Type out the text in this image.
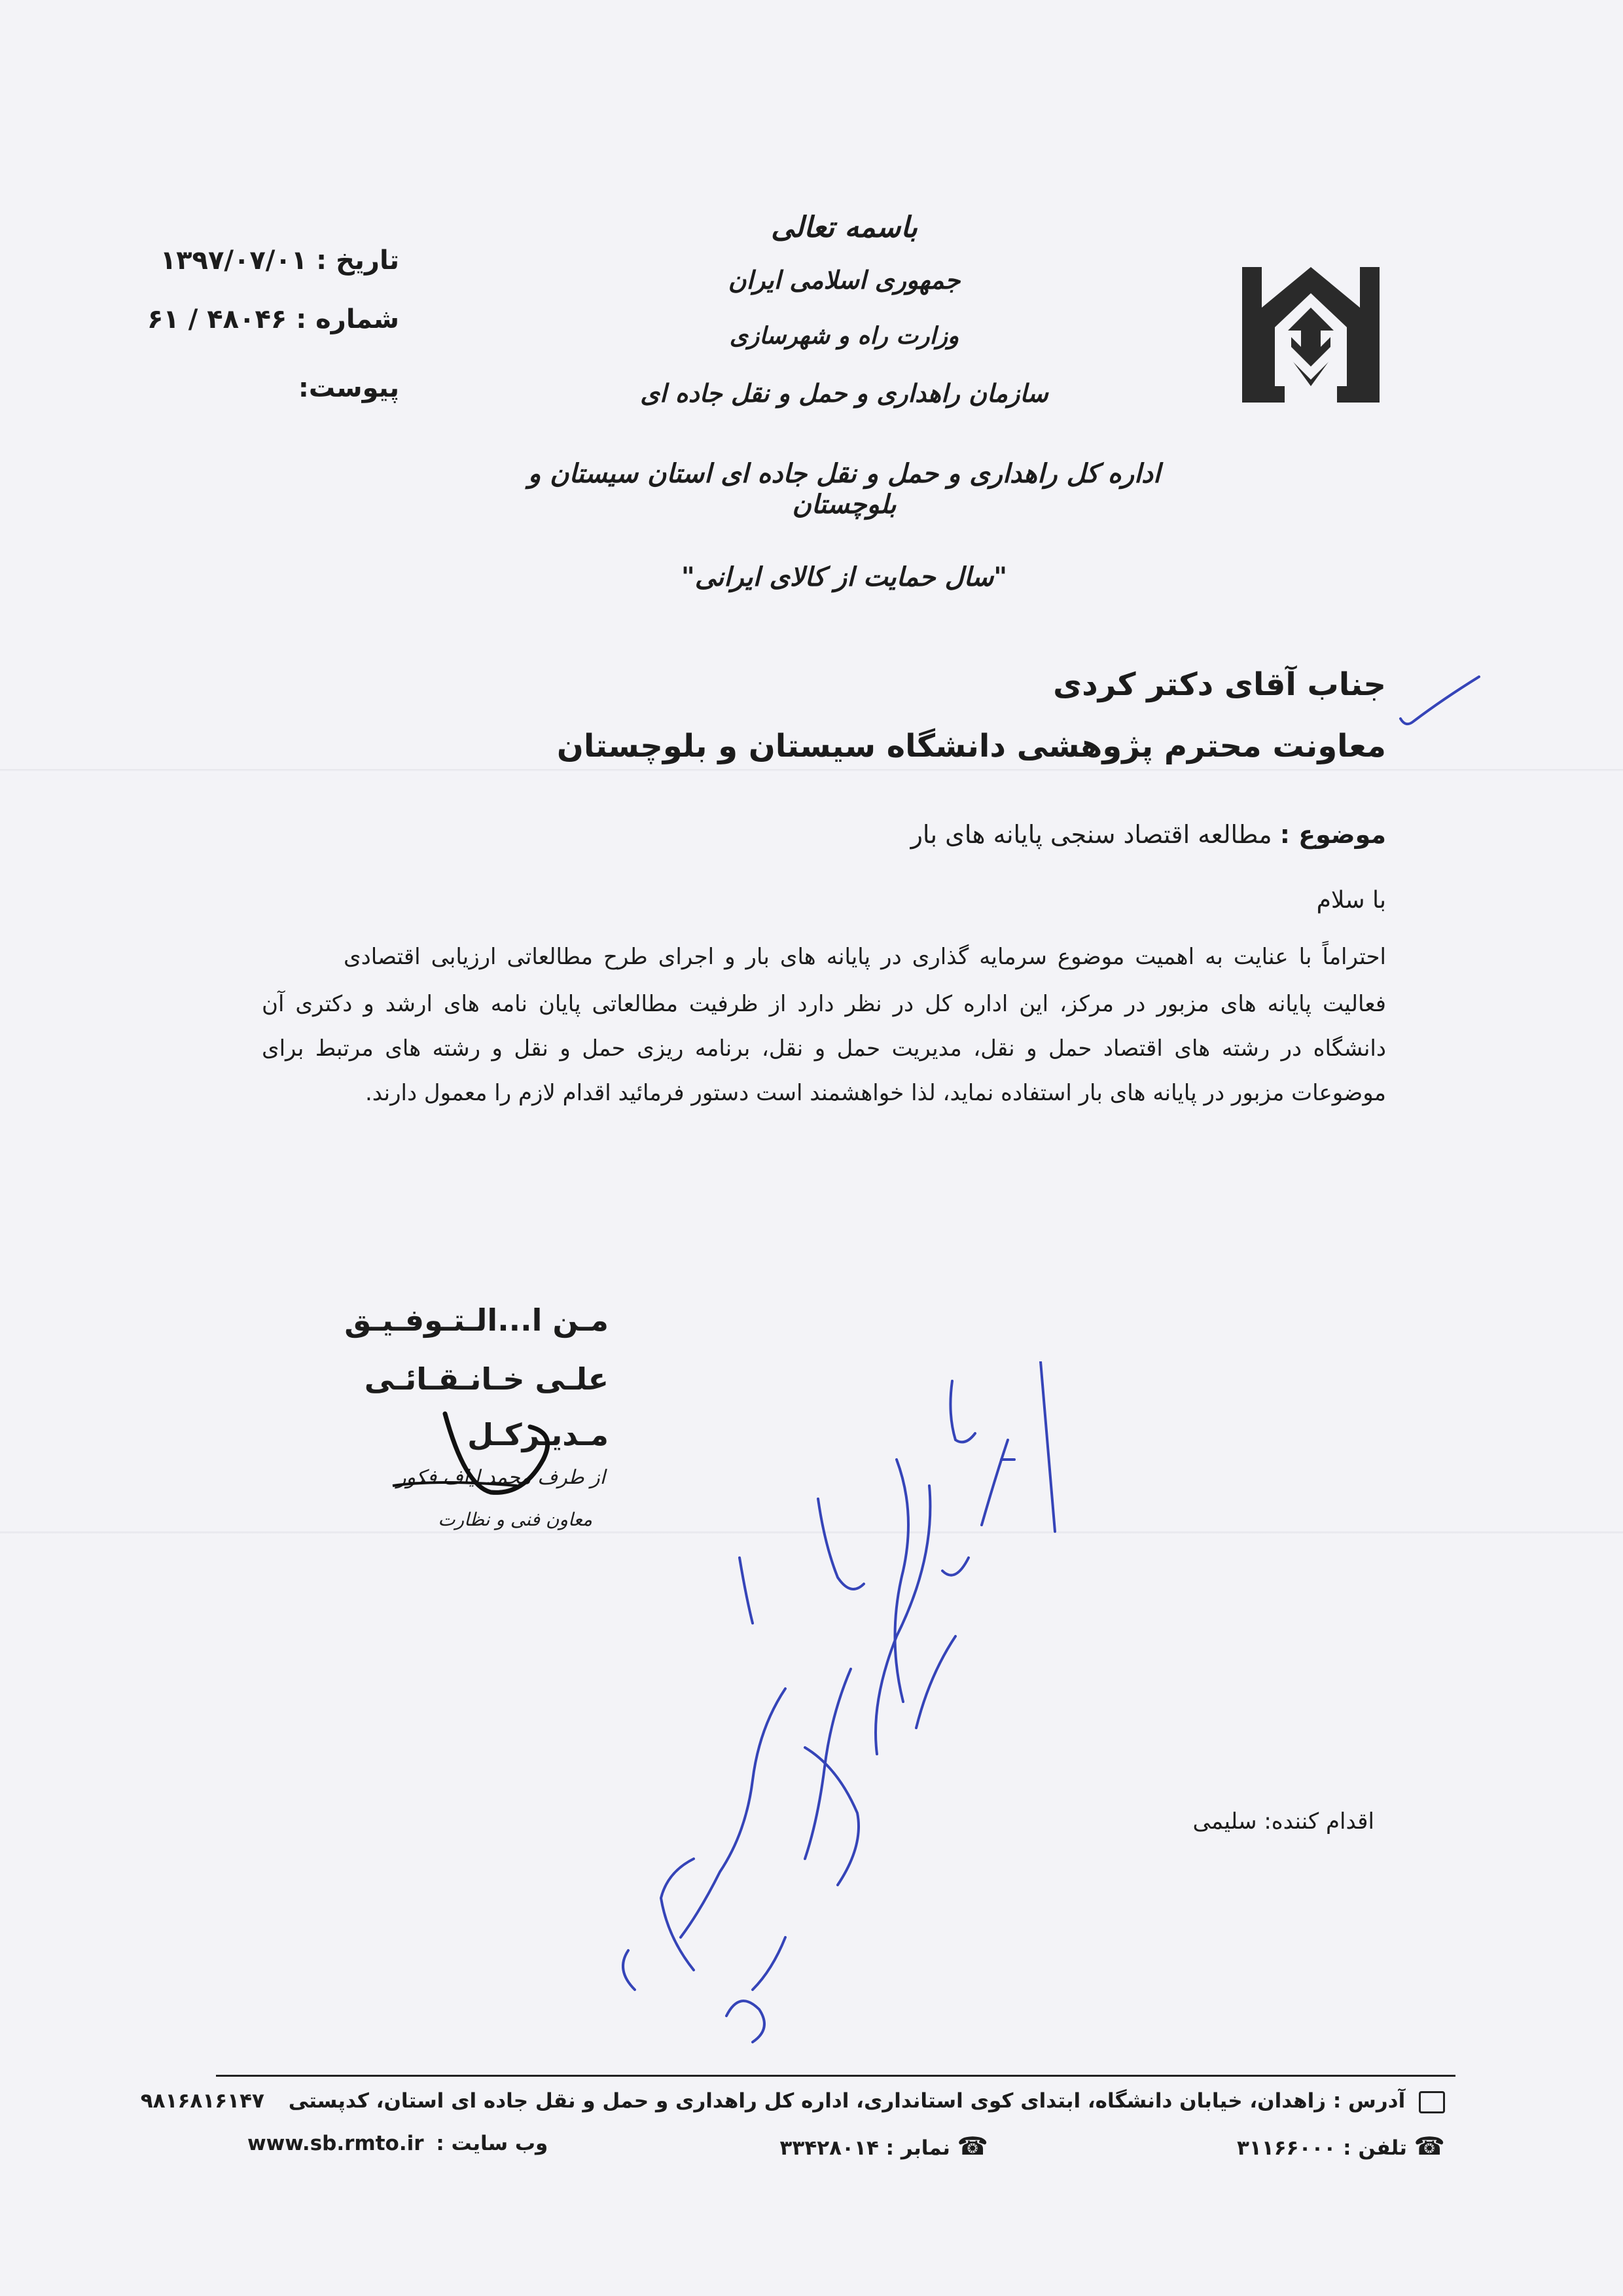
باسمه تعالی
جمهوری اسلامی ایران
وزارت راه و شهرسازی
سازمان راهداری و حمل و نقل جاده ای
اداره کل راهداری و حمل و نقل جاده ای استان سیستان و بلوچستان
"سال حمایت از کالای ایرانی"
تاریخ : ۱۳۹۷/۰۷/۰۱
شماره : ۴۸۰۴۶ / ۶۱
پیوست:
جناب آقای دکتر کردی
معاونت محترم پژوهشی دانشگاه سیستان و بلوچستان
موضوع : مطالعه اقتصاد سنجی پایانه های بار
با سلام
احتراماً با عنایت به اهمیت موضوع سرمایه گذاری در پایانه های بار و اجرای طرح مطالعاتی ارزیابی اقتصادی
فعالیت پایانه های مزبور در مرکز، این اداره کل در نظر دارد از ظرفیت مطالعاتی پایان نامه های ارشد و دکتری آن
دانشگاه در رشته های اقتصاد حمل و نقل، مدیریت حمل و نقل، برنامه ریزی حمل و نقل و رشته های مرتبط برای
موضوعات مزبور در پایانه های بار استفاده نماید، لذا خواهشمند است دستور فرمائید اقدام لازم را معمول دارند.
مـن ا...الـتـوفـیـق
علـی خـانـقـائـی
مـدیـرکـل
از طرف محمد ایاف فکور
معاون فنی و نظارت
اقدام کننده: سلیمی
آدرس : زاهدان، خیابان دانشگاه، ابتدای کوی استانداری، اداره کل راهداری و حمل و نقل جاده ای استان، کدپستی ۹۸۱۶۸۱۶۱۴۷
☎ تلفن : ۳۱۱۶۶۰۰۰
☎ نمابر : ۳۳۴۲۸۰۱۴
www.sb.rmto.ir وب سایت :
